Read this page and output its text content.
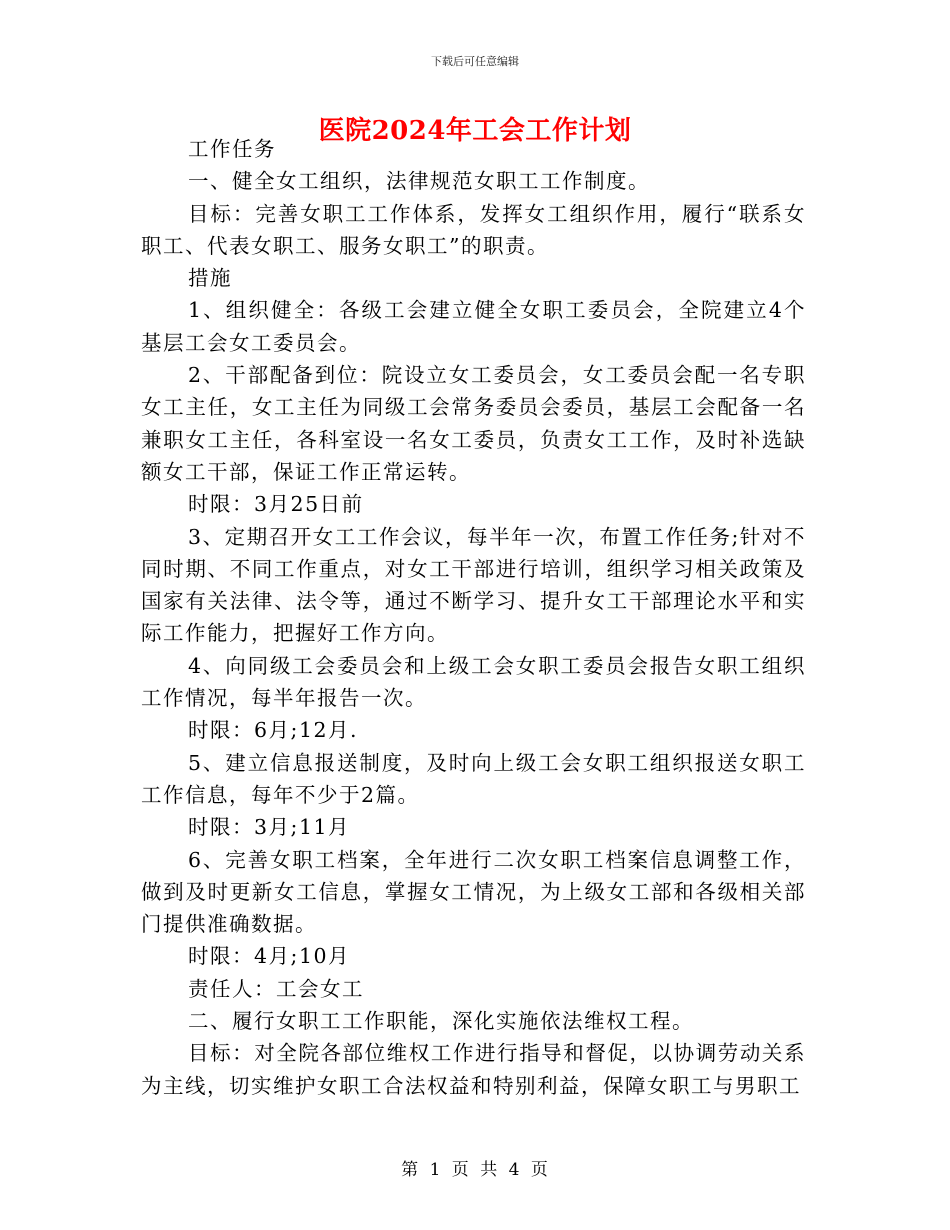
下载后可任意编辑
医院2024年工会工作计划

工作任务

一、健全女工组织，法律规范女职工工作制度。

目标：完善女职工工作体系，发挥女工组织作用，履行“联系女职工、代表女职工、服务女职工”的职责。

措施

1、组织健全：各级工会建立健全女职工委员会，全院建立4个基层工会女工委员会。

2、干部配备到位：院设立女工委员会，女工委员会配一名专职女工主任，女工主任为同级工会常务委员会委员，基层工会配备一名兼职女工主任，各科室设一名女工委员，负责女工工作，及时补选缺额女工干部，保证工作正常运转。

时限：3月25日前

3、定期召开女工工作会议，每半年一次，布置工作任务;针对不同时期、不同工作重点，对女工干部进行培训，组织学习相关政策及国家有关法律、法令等，通过不断学习、提升女工干部理论水平和实际工作能力，把握好工作方向。

4、向同级工会委员会和上级工会女职工委员会报告女职工组织工作情况，每半年报告一次。

时限：6月;12月.

5、建立信息报送制度，及时向上级工会女职工组织报送女职工工作信息，每年不少于2篇。

时限：3月;11月

6、完善女职工档案，全年进行二次女职工档案信息调整工作，做到及时更新女工信息，掌握女工情况，为上级女工部和各级相关部门提供准确数据。

时限：4月;10月

责任人：工会女工

二、履行女职工工作职能，深化实施依法维权工程。

目标：对全院各部位维权工作进行指导和督促，以协调劳动关系为主线，切实维护女职工合法权益和特别利益，保障女职工与男职工

第 1 页 共 4 页
